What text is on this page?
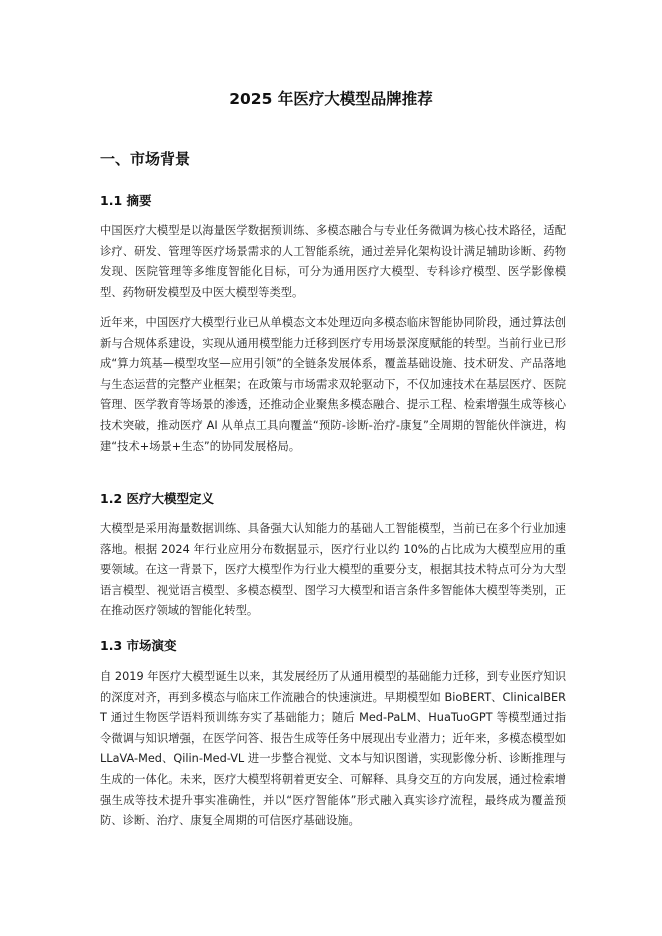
2025 年医疗大模型品牌推荐
一、市场背景
1.1 摘要

中国医疗大模型是以海量医学数据预训练、多模态融合与专业任务微调为核心技术路径，适配诊疗、研发、管理等医疗场景需求的人工智能系统，通过差异化架构设计满足辅助诊断、药物发现、医院管理等多维度智能化目标，可分为通用医疗大模型、专科诊疗模型、医学影像模型、药物研发模型及中医大模型等类型。

近年来，中国医疗大模型行业已从单模态文本处理迈向多模态临床智能协同阶段，通过算法创新与合规体系建设，实现从通用模型能力迁移到医疗专用场景深度赋能的转型。当前行业已形成“算力筑基—模型攻坚—应用引领”的全链条发展体系，覆盖基础设施、技术研发、产品落地与生态运营的完整产业框架；在政策与市场需求双轮驱动下，不仅加速技术在基层医疗、医院管理、医学教育等场景的渗透，还推动企业聚焦多模态融合、提示工程、检索增强生成等核心技术突破，推动医疗 AI 从单点工具向覆盖“预防-诊断-治疗-康复”全周期的智能伙伴演进，构建“技术+场景+生态”的协同发展格局。

1.2 医疗大模型定义

大模型是采用海量数据训练、具备强大认知能力的基础人工智能模型，当前已在多个行业加速落地。根据 2024 年行业应用分布数据显示，医疗行业以约 10%的占比成为大模型应用的重要领域。在这一背景下，医疗大模型作为行业大模型的重要分支，根据其技术特点可分为大型语言模型、视觉语言模型、多模态模型、图学习大模型和语言条件多智能体大模型等类别，正在推动医疗领域的智能化转型。

1.3 市场演变

自 2019 年医疗大模型诞生以来，其发展经历了从通用模型的基础能力迁移，到专业医疗知识的深度对齐，再到多模态与临床工作流融合的快速演进。早期模型如 BioBERT、ClinicalBERT 通过生物医学语料预训练夯实了基础能力；随后 Med-PaLM、HuaTuoGPT 等模型通过指令微调与知识增强，在医学问答、报告生成等任务中展现出专业潜力；近年来，多模态模型如 LLaVA-Med、Qilin-Med-VL 进一步整合视觉、文本与知识图谱，实现影像分析、诊断推理与生成的一体化。未来，医疗大模型将朝着更安全、可解释、具身交互的方向发展，通过检索增强生成等技术提升事实准确性，并以“医疗智能体”形式融入真实诊疗流程，最终成为覆盖预防、诊断、治疗、康复全周期的可信医疗基础设施。
